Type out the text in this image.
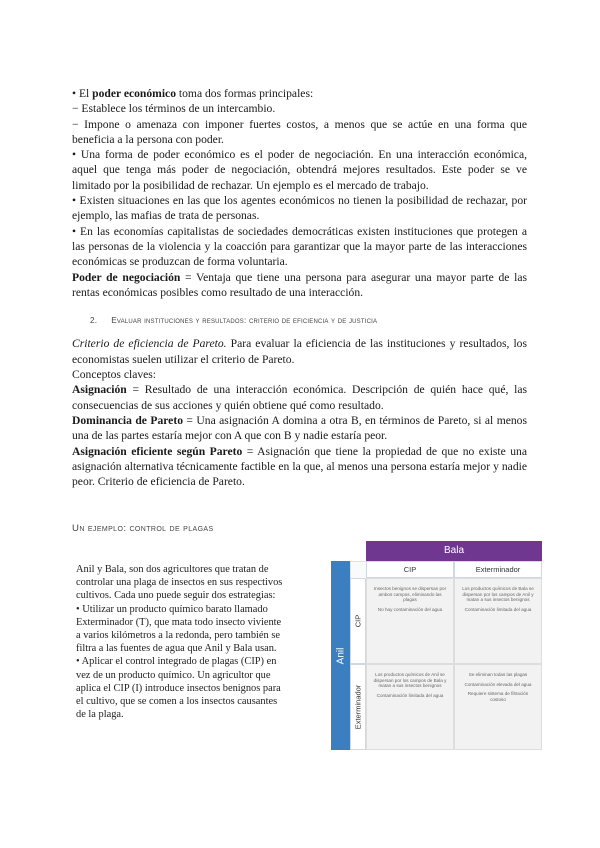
• El poder económico toma dos formas principales:

− Establece los términos de un intercambio.

− Impone o amenaza con imponer fuertes costos, a menos que se actúe en una forma que beneficia a la persona con poder.

• Una forma de poder económico es el poder de negociación. En una interacción económica, aquel que tenga más poder de negociación, obtendrá mejores resultados. Este poder se ve limitado por la posibilidad de rechazar. Un ejemplo es el mercado de trabajo.

• Existen situaciones en las que los agentes económicos no tienen la posibilidad de rechazar, por ejemplo, las mafias de trata de personas.

• En las economías capitalistas de sociedades democráticas existen instituciones que protegen a las personas de la violencia y la coacción para garantizar que la mayor parte de las interacciones económicas se produzcan de forma voluntaria.

Poder de negociación = Ventaja que tiene una persona para asegurar una mayor parte de las rentas económicas posibles como resultado de una interacción.

2. Evaluar instituciones y resultados: criterio de eficiencia y de justicia

Criterio de eficiencia de Pareto. Para evaluar la eficiencia de las instituciones y resultados, los economistas suelen utilizar el criterio de Pareto.

Conceptos claves:

Asignación = Resultado de una interacción económica. Descripción de quién hace qué, las consecuencias de sus acciones y quién obtiene qué como resultado.

Dominancia de Pareto = Una asignación A domina a otra B, en términos de Pareto, si al menos una de las partes estaría mejor con A que con B y nadie estaría peor.

Asignación eficiente según Pareto = Asignación que tiene la propiedad de que no existe una asignación alternativa técnicamente factible en la que, al menos una persona estaría mejor y nadie peor. Criterio de eficiencia de Pareto.

Un ejemplo: control de plagas

Anil y Bala, son dos agricultores que tratan de controlar una plaga de insectos en sus respectivos cultivos. Cada uno puede seguir dos estrategias:

• Utilizar un producto químico barato llamado Exterminador (T), que mata todo insecto viviente a varios kilómetros a la redonda, pero también se filtra a las fuentes de agua que Anil y Bala usan.

• Aplicar el control integrado de plagas (CIP) en vez de un producto químico. Un agricultor que aplica el CIP (I) introduce insectos benignos para el cultivo, que se comen a los insectos causantes de la plaga.

Bala
Anil
CIP	Exterminador
CIP
Exterminador

Insectos benignos se dispersan por ambos campos, eliminando las plagas

No hay contaminación del agua

Los productos químicos de Bala se dispersan por los campos de Anil y matan a sus insectos benignos

Contaminación limitada del agua

Los productos químicos de Anil se dispersan por los campos de Bala y matan a sus insectos benignos

Contaminación limitada del agua

Se eliminan todas las plagas

Contaminación elevada del agua

Requiere sistema de filtración costoso
